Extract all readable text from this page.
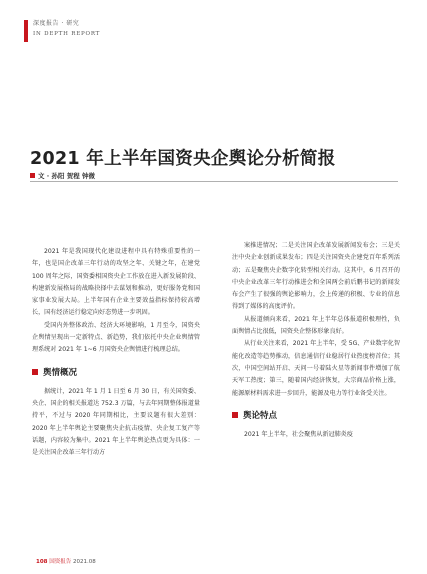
深度报告 · 研究
IN DEPTH REPORT
2021 年上半年国资央企舆论分析简报
文 · 孙阳 贺程 钟微

2021 年是我国现代化建设进程中具有特殊重要性的一年，也是国企改革三年行动的攻坚之年、关键之年，在建党 100 周年之际，国资委相国资央企工作放在进入新发展阶段、构建新发展格局的战略抉择中去谋划和推动，更好服务党和国家事业发展大局。上半年国有企业主要效益指标保持较高增长，国有经济运行稳定向好态势进一步巩固。

受国内外整体政治、经济大环境影响，1 月至今，国资央企舆情呈现出一定新特点、新趋势，我们依托中央企业舆情管理系统对 2021 年 1~6 月国资央企舆情进行梳理总结。

舆情概况

据统计，2021 年 1 月 1 日至 6 月 30 日，有关国资委、央企、国企的相关报道达 752.3 万篇，与去年同期整体报道量持平，不过与 2020 年同期相比，主要议题有很大差别：2020 年上半年舆论主要聚焦央企抗击疫情、央企复工复产等话题，内容较为集中。2021 年上半年舆论热点更为具体：一是关注国企改革三年行动方

案推进情况；二是关注国企改革发展新闻发布会；三是关注中央企业创新成果发布；四是关注国资央企建党百年系列活动；五是聚焦央企数字化转型相关行动。这其中，6 月召开的中央企业改革三年行动推进会和全国两会前后鹏书记的新闻发布会产生了很强的舆论影响力，会上传递的积极、专业的信息得到了媒体的高度评价。

从报道倾向来看，2021 年上半年总体报道积极理性，负面舆情占比很低，国资央企整体形象良好。

从行业关注来看，2021 年上半年，受 5G、产业数字化智能化改造等趋势推动，信息通信行业稳居行业热度榜首位；其次，中国空间站开启、天问一号着陆火星等新闻事件增加了航天军工热度；第三，随着国内经济恢复，大宗商品价格上涨，能源原材料需求进一步回升，能源及电力等行业备受关注。

舆论特点

2021 年上半年，社会聚焦从新冠肺炎疫

108 国资报告 2021.08
